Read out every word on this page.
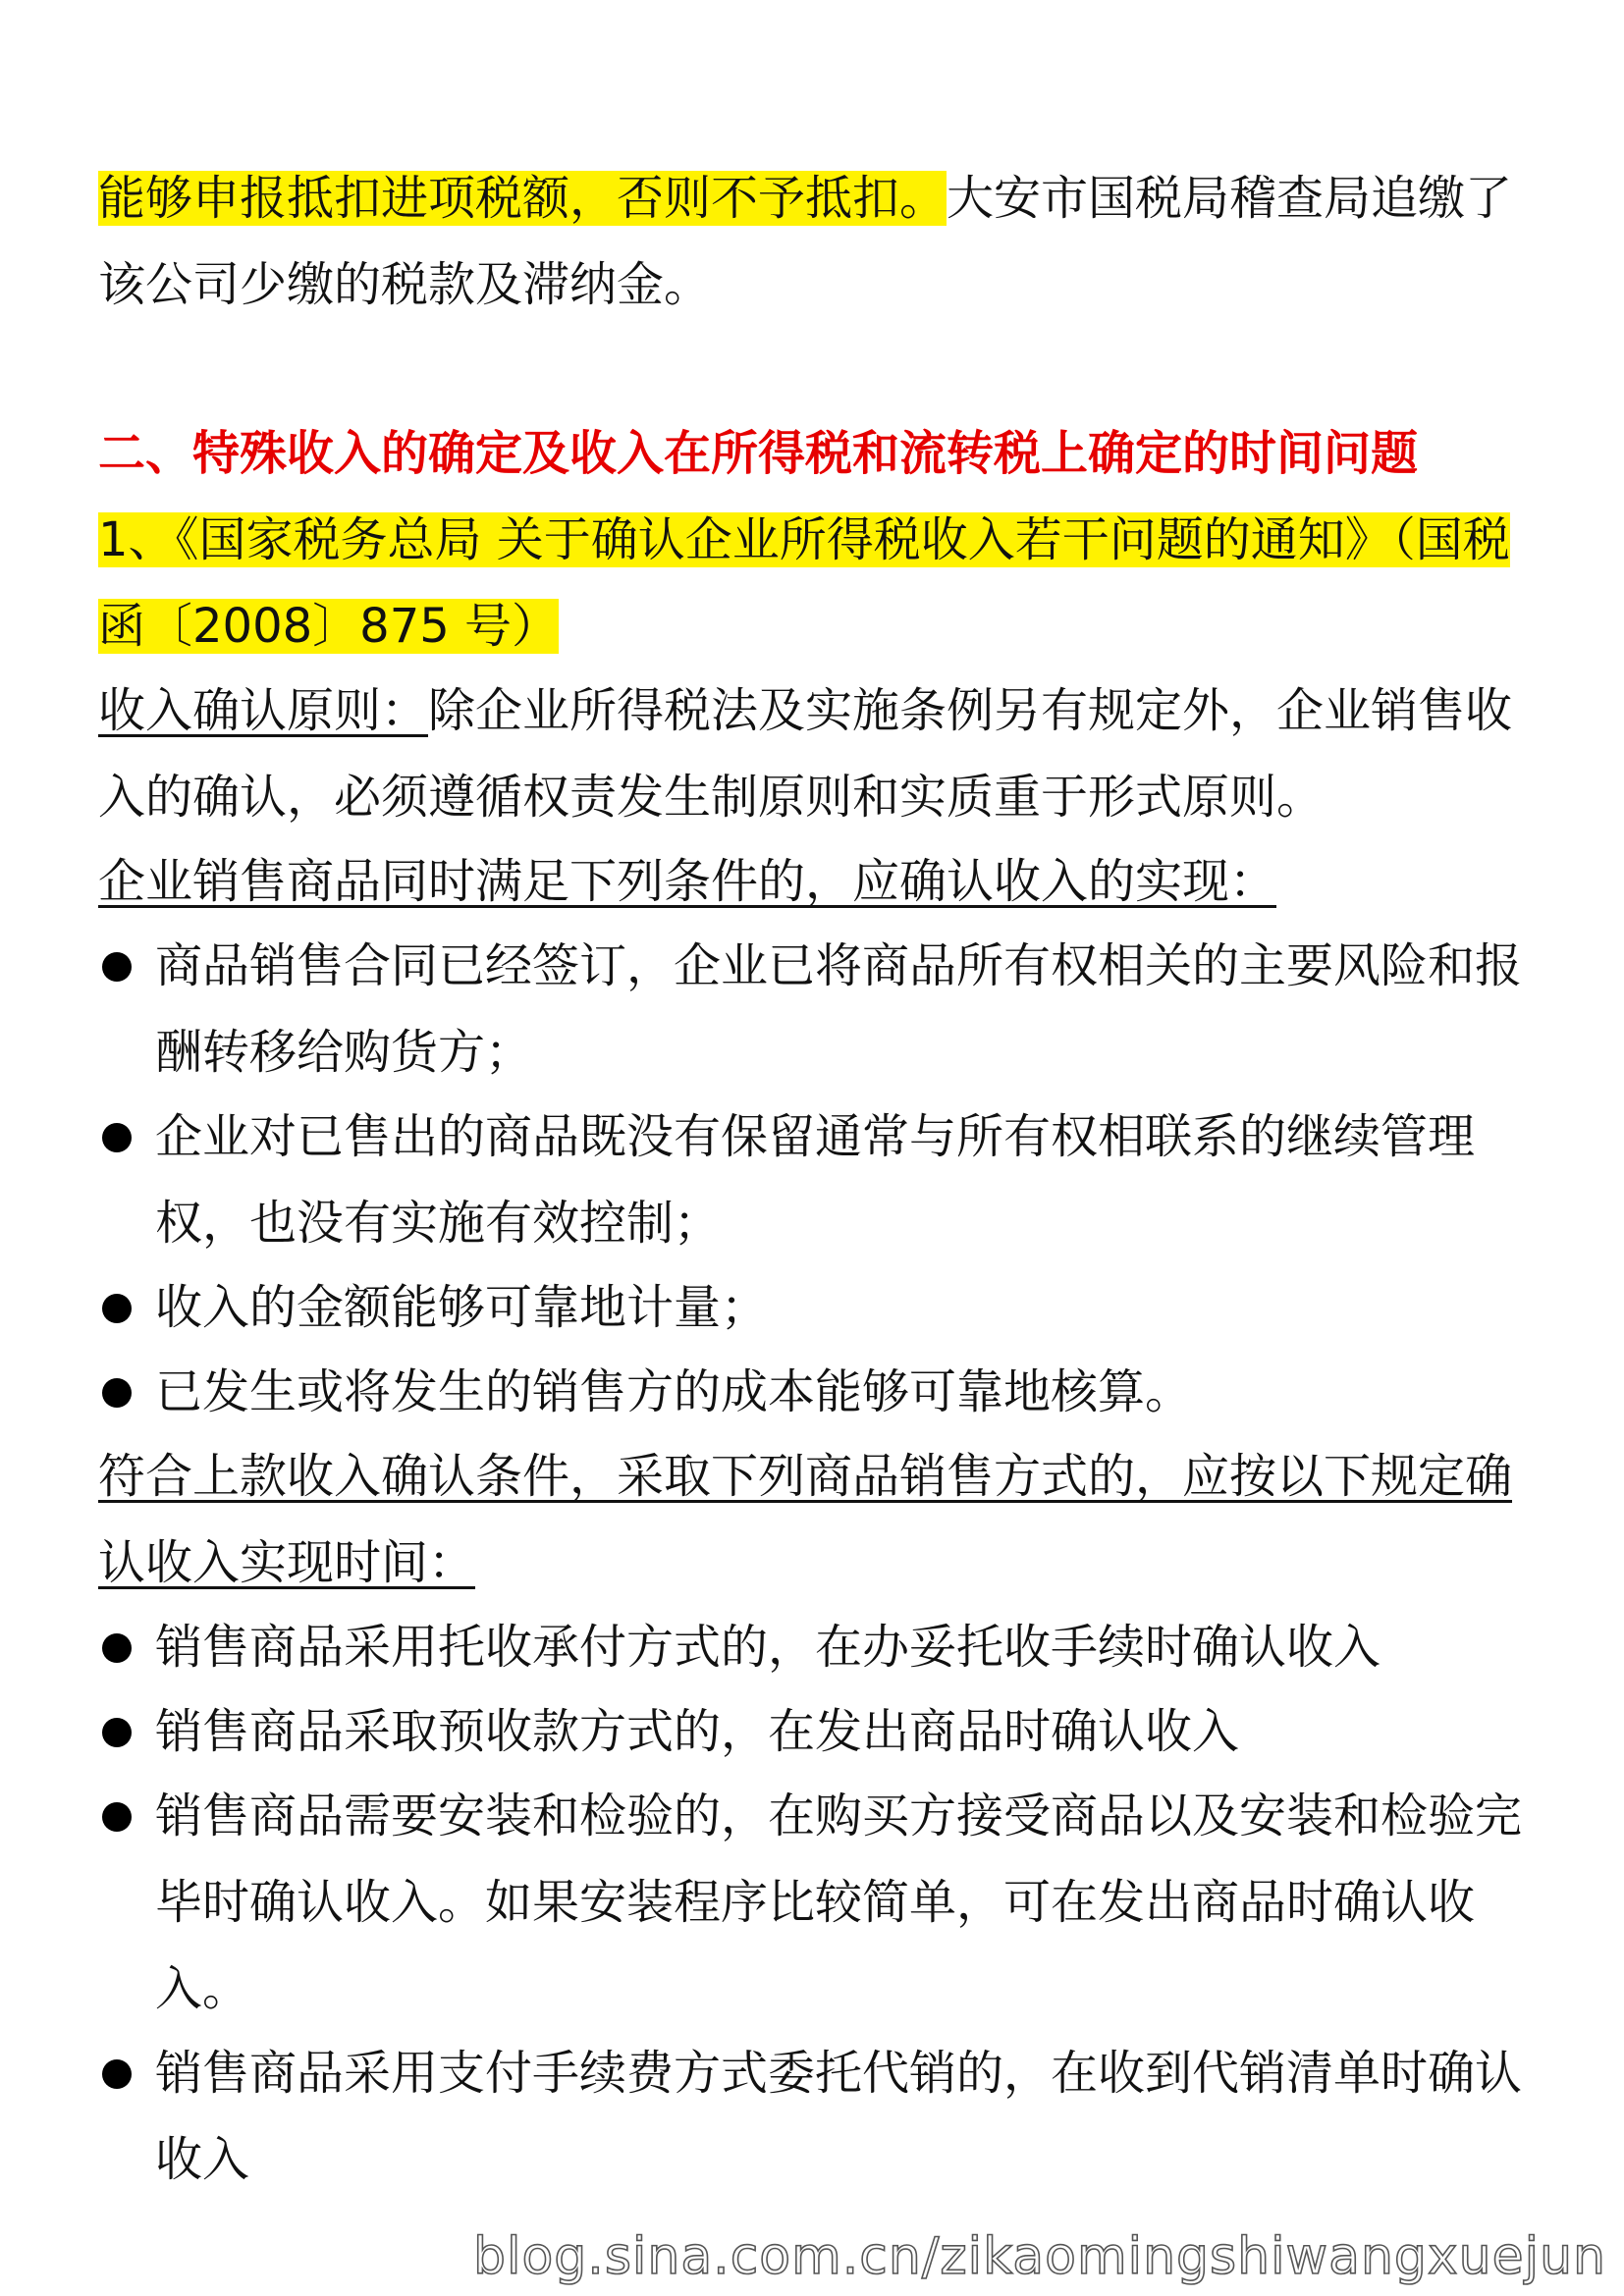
能够申报抵扣进项税额，否则不予抵扣。大安市国税局稽查局追缴了该公司少缴的税款及滞纳金。

二、特殊收入的确定及收入在所得税和流转税上确定的时间问题

1、《国家税务总局 关于确认企业所得税收入若干问题的通知》（国税函〔2008〕875 号）

收入确认原则：除企业所得税法及实施条例另有规定外，企业销售收入的确认，必须遵循权责发生制原则和实质重于形式原则。

企业销售商品同时满足下列条件的，应确认收入的实现：

商品销售合同已经签订，企业已将商品所有权相关的主要风险和报酬转移给购货方；
企业对已售出的商品既没有保留通常与所有权相联系的继续管理权，也没有实施有效控制；
收入的金额能够可靠地计量；
已发生或将发生的销售方的成本能够可靠地核算。

符合上款收入确认条件，采取下列商品销售方式的，应按以下规定确认收入实现时间：

销售商品采用托收承付方式的，在办妥托收手续时确认收入
销售商品采取预收款方式的，在发出商品时确认收入
销售商品需要安装和检验的，在购买方接受商品以及安装和检验完毕时确认收入。如果安装程序比较简单，可在发出商品时确认收入。
销售商品采用支付手续费方式委托代销的，在收到代销清单时确认收入
blog.sina.com.cn/zikaomingshiwangxuejun
